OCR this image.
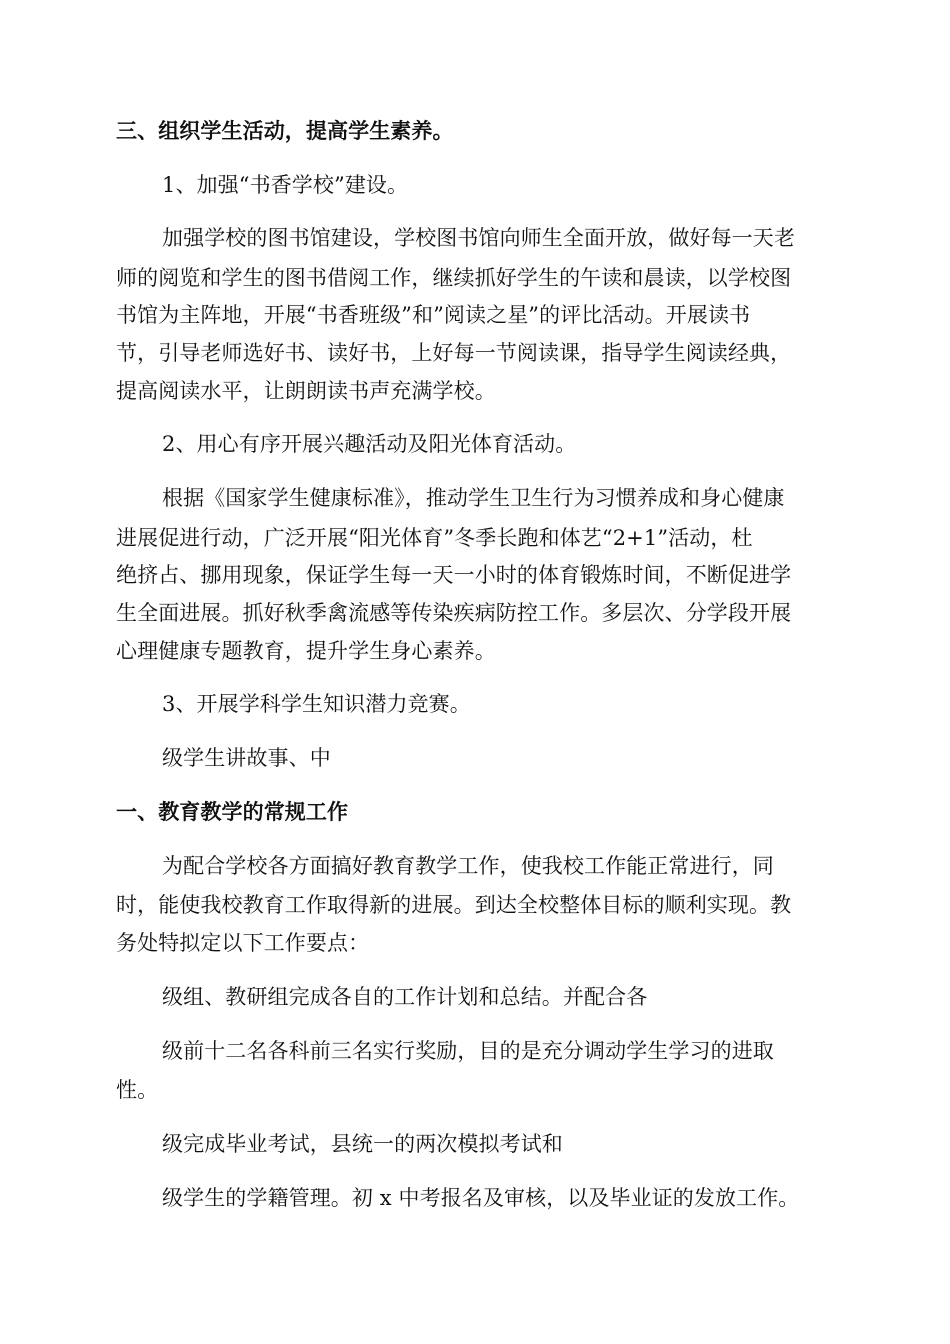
三、组织学生活动，提高学生素养。
1、加强“书香学校”建设。
加强学校的图书馆建设，学校图书馆向师生全面开放，做好每一天老
师的阅览和学生的图书借阅工作，继续抓好学生的午读和晨读，以学校图
书馆为主阵地，开展“书香班级”和”阅读之星”的评比活动。开展读书
节，引导老师选好书、读好书，上好每一节阅读课，指导学生阅读经典，
提高阅读水平，让朗朗读书声充满学校。
2、用心有序开展兴趣活动及阳光体育活动。
根据《国家学生健康标准》，推动学生卫生行为习惯养成和身心健康
进展促进行动，广泛开展“阳光体育”冬季长跑和体艺“2+1”活动，杜
绝挤占、挪用现象，保证学生每一天一小时的体育锻炼时间，不断促进学
生全面进展。抓好秋季禽流感等传染疾病防控工作。多层次、分学段开展
心理健康专题教育，提升学生身心素养。
3、开展学科学生知识潜力竞赛。
级学生讲故事、中
一、教育教学的常规工作
为配合学校各方面搞好教育教学工作，使我校工作能正常进行，同
时，能使我校教育工作取得新的进展。到达全校整体目标的顺利实现。教
务处特拟定以下工作要点：
级组、教研组完成各自的工作计划和总结。并配合各
级前十二名各科前三名实行奖励，目的是充分调动学生学习的进取
性。
级完成毕业考试，县统一的两次模拟考试和
级学生的学籍管理。初 x 中考报名及审核，以及毕业证的发放工作。
